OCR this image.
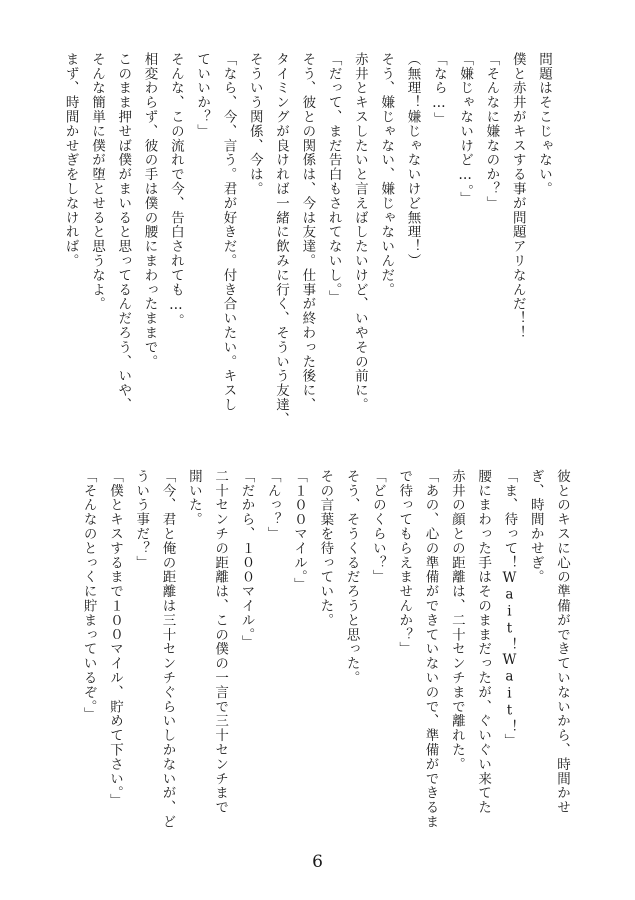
問題はそこじゃない。
僕と赤井がキスする事が問題アリなんだ！！
「そんなに嫌なのか？」
「嫌じゃないけど…。」
「なら…」
（無理！嫌じゃないけど無理！）
そう、嫌じゃない、嫌じゃないんだ。
赤井とキスしたいと言えばしたいけど、いやその前に。
「だって、まだ告白もされてないし。」
そう、彼との関係は、今は友達。仕事が終わった後に、
タイミングが良ければ一緒に飲みに行く、そういう友達、
そういう関係、今は。
「なら、今、言う。君が好きだ。付き合いたい。キスし
ていいか？」
そんな、この流れで今、告白されても…。
相変わらず、彼の手は僕の腰にまわったままで。
このまま押せば僕がまいると思ってるんだろう、いや、
そんな簡単に僕が堕とせると思うなよ。
まず、時間かせぎをしなければ。
彼とのキスに心の準備ができていないから、時間かせ
ぎ、時間かせぎ。
「ま、待って！Wait！Wait！」
腰にまわった手はそのままだったが、ぐいぐい来てた
赤井の顔との距離は、二十センチまで離れた。
「あの、心の準備ができていないので、準備ができるま
で待ってもらえませんか？」
「どのくらい？」
そう、そうくるだろうと思った。
その言葉を待っていた。
「１００マイル。」
「んっ？」
「だから、１００マイル。」
二十センチの距離は、この僕の一言で三十センチまで
開いた。
「今、君と俺の距離は三十センチぐらいしかないが、ど
ういう事だ？」
「僕とキスするまで１００マイル、貯めて下さい。」
「そんなのとっくに貯まっているぞ。」
6
